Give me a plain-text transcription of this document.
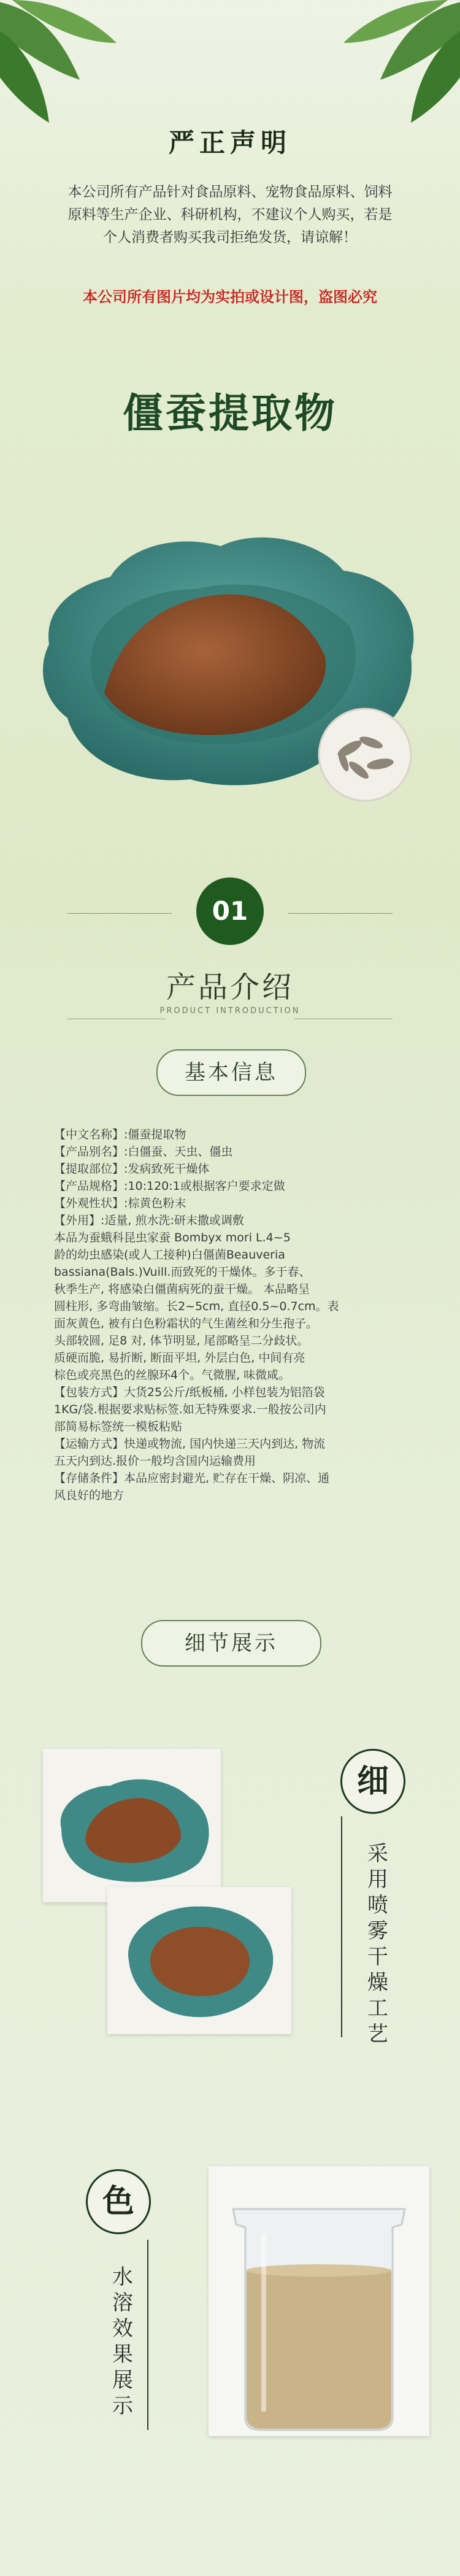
严正声明
本公司所有产品针对食品原料、宠物食品原料、饲料原料等生产企业、科研机构，不建议个人购买，若是个人消费者购买我司拒绝发货，请谅解！
本公司所有图片均为实拍或设计图，盗图必究
僵蚕提取物
01
产品介绍
PRODUCT INTRODUCTION
基本信息
【中文名称】:僵蚕提取物
【产品别名】:白僵蚕、天虫、僵虫
【提取部位】:发病致死干燥体
【产品规格】:10:120:1或根据客户要求定做
【外观性状】:棕黄色粉末
【外用】:适量, 煎水洗:研末撒或调敷
本品为蚕蛾科昆虫家蚕 Bombyx mori L.4~5
龄的幼虫感染(或人工接种)白僵菌Beauveria
bassiana(Bals.)Vuill.而致死的干燥体。多于春、
秋季生产, 将感染白僵菌病死的蚕干燥。 本品略呈
圆柱形, 多弯曲皱缩。长2~5cm, 直径0.5~0.7cm。表
面灰黄色, 被有白色粉霜状的气生菌丝和分生孢子。
头部较圆, 足8 对, 体节明显, 尾部略呈二分歧状。
质硬而脆, 易折断, 断面平坦, 外层白色, 中间有亮
棕色或亮黑色的丝腺环4个。气微腥, 味微咸。
【包装方式】大货25公斤/纸板桶, 小样包装为铝箔袋
1KG/袋.根据要求贴标签.如无特殊要求.一般按公司内
部简易标签统一模板粘贴
【运输方式】快递或物流, 国内快递三天内到达, 物流
五天内到达.报价一般均含国内运输费用
【存储条件】本品应密封避光, 贮存在干燥、阴凉、通
风良好的地方
细节展示
细
采用喷雾干燥工艺
色
水溶效果展示
